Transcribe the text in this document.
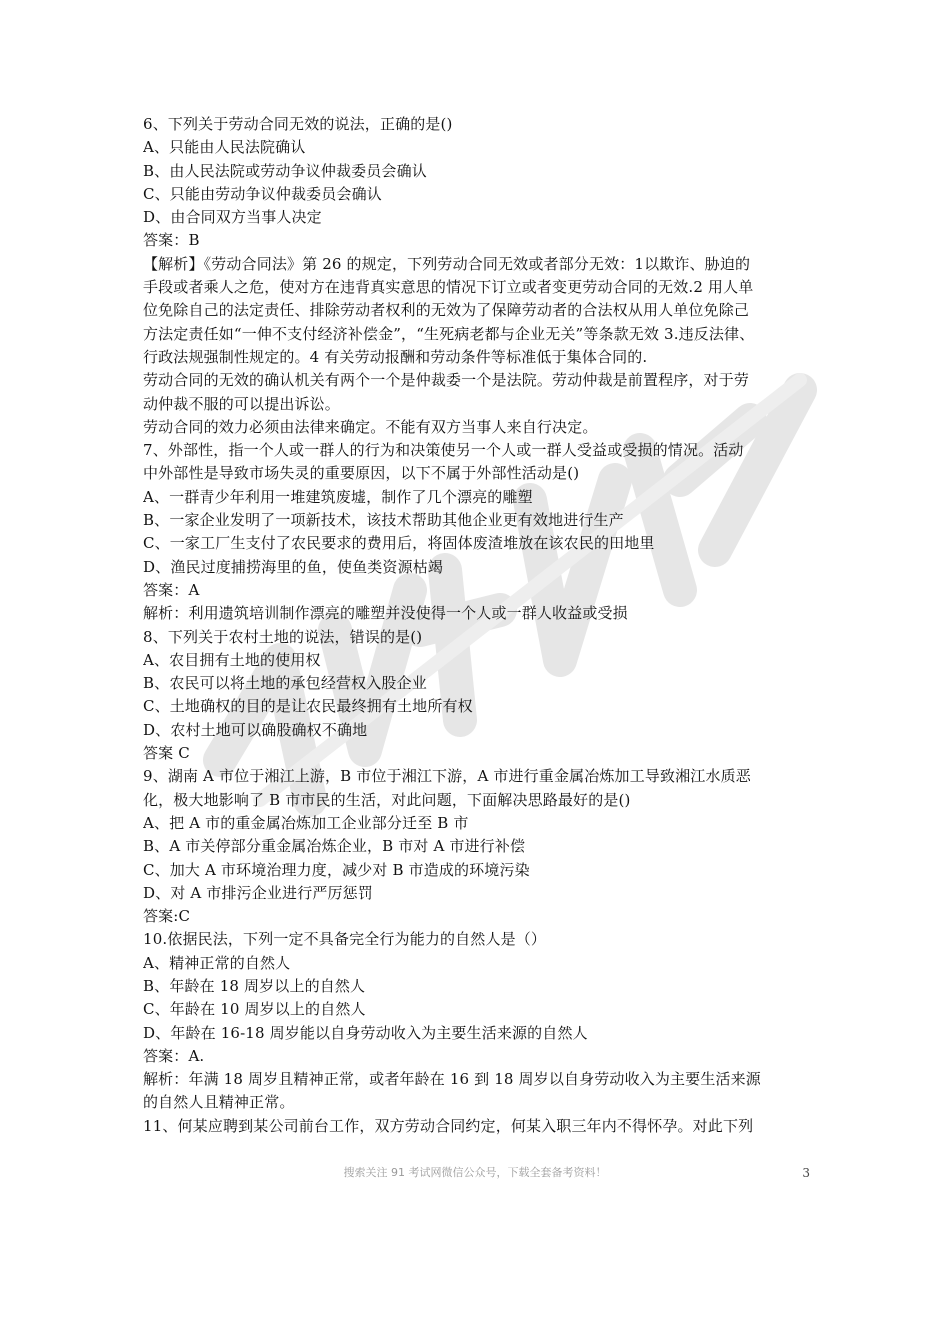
6、下列关于劳动合同无效的说法，正确的是()
A、只能由人民法院确认
B、由人民法院或劳动争议仲裁委员会确认
C、只能由劳动争议仲裁委员会确认
D、由合同双方当事人决定
答案：B
【解析】《劳动合同法》第 26 的规定，下列劳动合同无效或者部分无效：1以欺诈、胁迫的
手段或者乘人之危，使对方在违背真实意思的情况下订立或者变更劳动合同的无效.2 用人单
位免除自己的法定责任、排除劳动者权利的无效为了保障劳动者的合法权从用人单位免除己
方法定责任如“一伸不支付经济补偿金”，“生死病老都与企业无关”等条款无效 3.违反法律、
行政法规强制性规定的。4 有关劳动报酬和劳动条件等标准低于集体合同的.
劳动合同的无效的确认机关有两个一个是仲裁委一个是法院。劳动仲裁是前置程序，对于劳
动仲裁不服的可以提出诉讼。
劳动合同的效力必须由法律来确定。不能有双方当事人来自行决定。
7、外部性，指一个人或一群人的行为和决策使另一个人或一群人受益或受损的情况。活动
中外部性是导致市场失灵的重要原因，以下不属于外部性活动是()
A、一群青少年利用一堆建筑废墟，制作了几个漂亮的雕塑
B、一家企业发明了一项新技术，该技术帮助其他企业更有效地进行生产
C、一家工厂生支付了农民要求的费用后，将固体废渣堆放在该农民的田地里
D、渔民过度捕捞海里的鱼，使鱼类资源枯竭
答案：A
解析：利用遗筑培训制作漂亮的雕塑并没使得一个人或一群人收益或受损
8、下列关于农村土地的说法，错误的是()
A、农目拥有土地的使用权
B、农民可以将土地的承包经营权入股企业
C、土地确权的目的是让农民最终拥有土地所有权
D、农村土地可以确股确权不确地
答案 C
9、湖南 A 市位于湘江上游，B 市位于湘江下游，A 市进行重金属冶炼加工导致湘江水质恶
化，极大地影响了 B 市市民的生活，对此问题，下面解决思路最好的是()
A、把 A 市的重金属冶炼加工企业部分迁至 B 市
B、A 市关停部分重金属冶炼企业，B 市对 A 市进行补偿
C、加大 A 市环境治理力度，减少对 B 市造成的环境污染
D、对 A 市排污企业进行严厉惩罚
答案:C
10.依据民法，下列一定不具备完全行为能力的自然人是（）
A、精神正常的自然人
B、年龄在 18 周岁以上的自然人
C、年龄在 10 周岁以上的自然人
D、年龄在 16-18 周岁能以自身劳动收入为主要生活来源的自然人
答案：A.
解析：年满 18 周岁且精神正常，或者年龄在 16 到 18 周岁以自身劳动收入为主要生活来源
的自然人且精神正常。
11、何某应聘到某公司前台工作，双方劳动合同约定，何某入职三年内不得怀孕。对此下列
搜索关注 91 考试网微信公众号，下载全套备考资料！	3
